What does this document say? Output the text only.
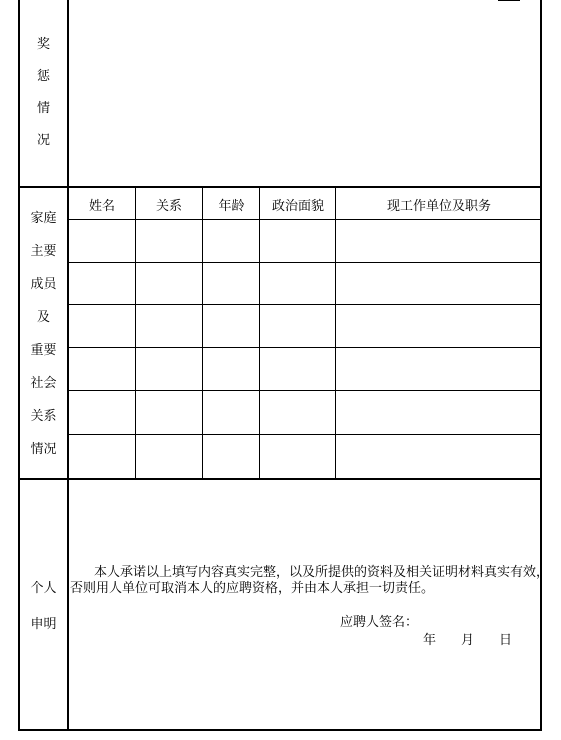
奖
惩
情
况
家庭
主要
成员
及
重要
社会
关系
情况
姓名	关系	年龄	政治面貌	现工作单位及职务
个人
申明
本人承诺以上填写内容真实完整，以及所提供的资料及相关证明材料真实有效，
否则用人单位可取消本人的应聘资格，并由本人承担一切责任。
应聘人签名：
年 月 日
